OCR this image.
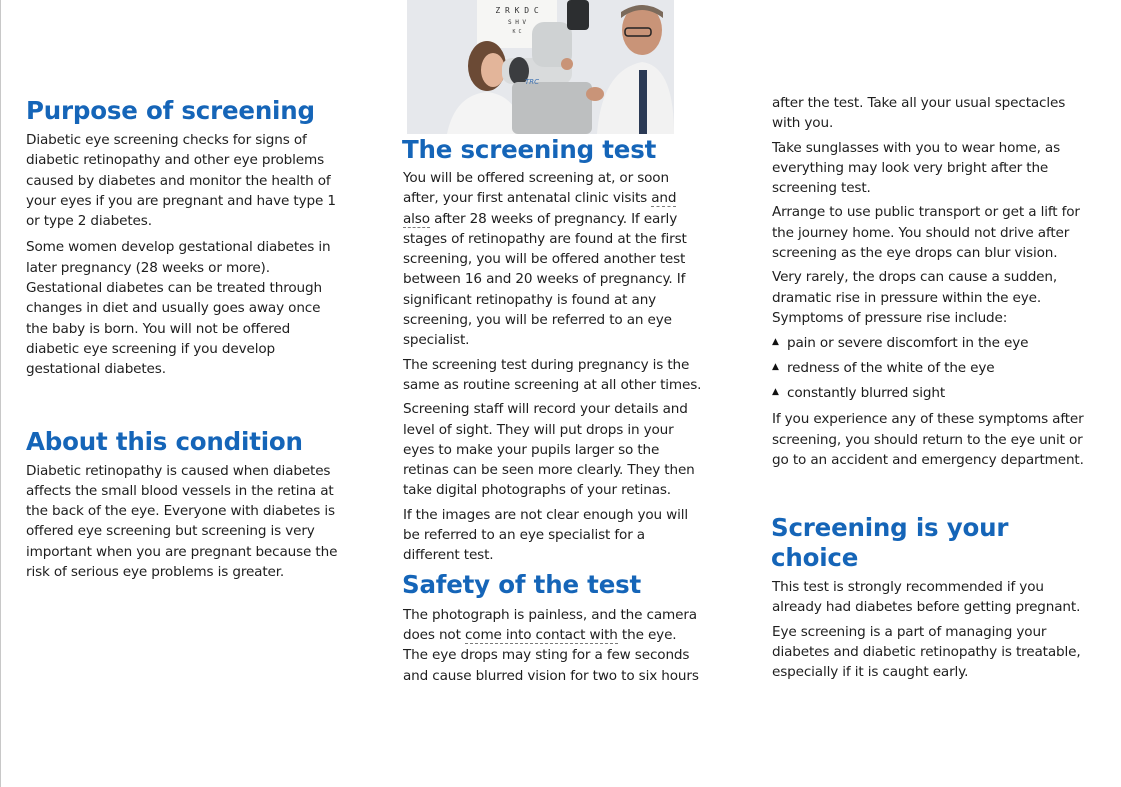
Purpose of screening

Diabetic eye screening checks for signs of diabetic retinopathy and other eye problems caused by diabetes and monitor the health of your eyes if you are pregnant and have type 1 or type 2 diabetes.

Some women develop gestational diabetes in later pregnancy (28 weeks or more). Gestational diabetes can be treated through changes in diet and usually goes away once the baby is born. You will not be offered diabetic eye screening if you develop gestational diabetes.

About this condition

Diabetic retinopathy is caused when diabetes affects the small blood vessels in the retina at the back of the eye. Everyone with diabetes is offered eye screening but screening is very important when you are pregnant because the risk of serious eye problems is greater.

Z R K D C
S H V
K C
TRC
The screening test

You will be offered screening at, or soon after, your first antenatal clinic visits and also after 28 weeks of pregnancy. If early stages of retinopathy are found at the first screening, you will be offered another test between 16 and 20 weeks of pregnancy. If significant retinopathy is found at any screening, you will be referred to an eye specialist.

The screening test during pregnancy is the same as routine screening at all other times.

Screening staff will record your details and level of sight. They will put drops in your eyes to make your pupils larger so the retinas can be seen more clearly. They then take digital photographs of your retinas.

If the images are not clear enough you will be referred to an eye specialist for a different test.

Safety of the test

The photograph is painless, and the camera does not come into contact with the eye.

The eye drops may sting for a few seconds and cause blurred vision for two to six hours

after the test. Take all your usual spectacles with you.

Take sunglasses with you to wear home, as everything may look very bright after the screening test.

Arrange to use public transport or get a lift for the journey home. You should not drive after screening as the eye drops can blur vision.

Very rarely, the drops can cause a sudden, dramatic rise in pressure within the eye. Symptoms of pressure rise include:

▲ pain or severe discomfort in the eye
▲ redness of the white of the eye
▲ constantly blurred sight

If you experience any of these symptoms after screening, you should return to the eye unit or go to an accident and emergency department.

Screening is your choice

This test is strongly recommended if you already had diabetes before getting pregnant.

Eye screening is a part of managing your diabetes and diabetic retinopathy is treatable, especially if it is caught early.
